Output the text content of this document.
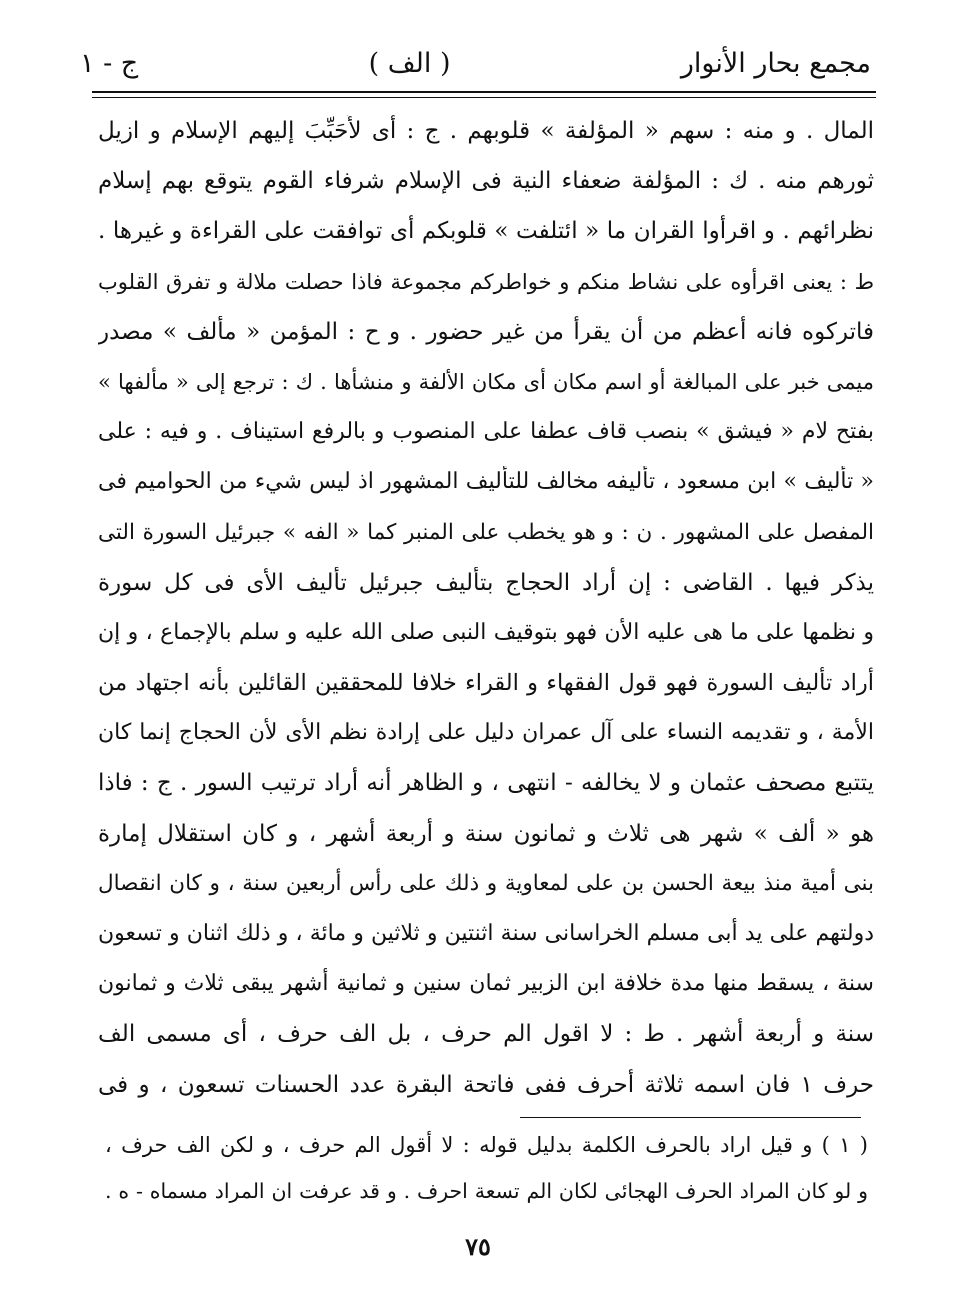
مجمع بحار الأنوار
( الف )
ج - ١
المال . و منه : سهم « المؤلفة » قلوبهم . ج : أى لأُحَبِّبَ إليهم الإسلام و ازيل
ثورهم منه . ك : المؤلفة ضعفاء النية فى الإسلام شرفاء القوم يتوقع بهم إسلام
نظرائهم . و اقرأوا القران ما « ائتلفت » قلوبكم أى توافقت على القراءة و غيرها .
ط : يعنى اقرأوه على نشاط منكم و خواطركم مجموعة فاذا حصلت ملالة و تفرق القلوب
فاتركوه فانه أعظم من أن يقرأ من غير حضور . و ح : المؤمن « مألف » مصدر
ميمى خبر على المبالغة أو اسم مكان أى مكان الألفة و منشأها . ك : ترجع إلى « مألفها »
بفتح لام « فيشق » بنصب قاف عطفا على المنصوب و بالرفع استيناف . و فيه : على
« تأليف » ابن مسعود ، تأليفه مخالف للتأليف المشهور اذ ليس شيء من الحواميم فى
المفصل على المشهور . ن : و هو يخطب على المنبر كما « الفه » جبرئيل السورة التى
يذكر فيها . القاضى : إن أراد الحجاج بتأليف جبرئيل تأليف الأى فى كل سورة
و نظمها على ما هى عليه الأن فهو بتوقيف النبى صلى الله عليه و سلم بالإجماع ، و إن
أراد تأليف السورة فهو قول الفقهاء و القراء خلافا للمحققين القائلين بأنه اجتهاد من
الأمة ، و تقديمه النساء على آل عمران دليل على إرادة نظم الأى لأن الحجاج إنما كان
يتتبع مصحف عثمان و لا يخالفه - انتهى ، و الظاهر أنه أراد ترتيب السور . ج : فاذا
هو « ألف » شهر هى ثلاث و ثمانون سنة و أربعة أشهر ، و كان استقلال إمارة
بنى أمية منذ بيعة الحسن بن على لمعاوية و ذلك على رأس أربعين سنة ، و كان انقصال
دولتهم على يد أبى مسلم الخراسانى سنة اثنتين و ثلاثين و مائة ، و ذلك اثنان و تسعون
سنة ، يسقط منها مدة خلافة ابن الزبير ثمان سنين و ثمانية أشهر يبقى ثلاث و ثمانون
سنة و أربعة أشهر . ط : لا اقول الم حرف ، بل الف حرف ، أى مسمى الف
حرف ١ فان اسمه ثلاثة أحرف ففى فاتحة البقرة عدد الحسنات تسعون ، و فى
( ١ ) و قيل اراد بالحرف الكلمة بدليل قوله : لا أقول الم حرف ، و لكن الف حرف ،
و لو كان المراد الحرف الهجائى لكان الم تسعة احرف . و قد عرفت ان المراد مسماه - ه .
٧٥
